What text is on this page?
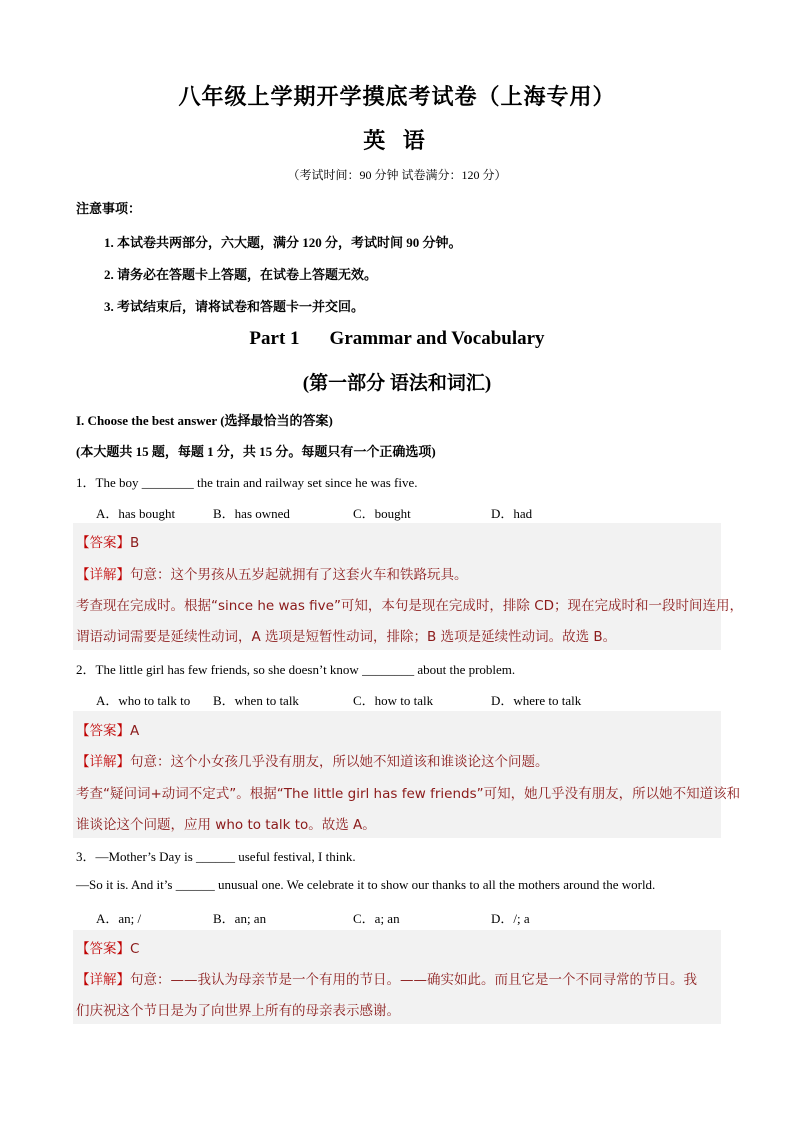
八年级上学期开学摸底考试卷（上海专用）
英 语
（考试时间：90 分钟 试卷满分：120 分）
注意事项：
1. 本试卷共两部分，六大题，满分 120 分，考试时间 90 分钟。
2. 请务必在答题卡上答题，在试卷上答题无效。
3. 考试结束后，请将试卷和答题卡一并交回。
Part 1 Grammar and Vocabulary
(第一部分 语法和词汇)
I. Choose the best answer (选择最恰当的答案)
(本大题共 15 题，每题 1 分，共 15 分。每题只有一个正确选项)
1．The boy ________ the train and railway set since he was five.
A．has bought	B．has owned	C．bought	D．had
【答案】B
【详解】句意：这个男孩从五岁起就拥有了这套火车和铁路玩具。
考查现在完成时。根据“since he was five”可知，本句是现在完成时，排除 CD；现在完成时和一段时间连用，
谓语动词需要是延续性动词，A 选项是短暂性动词，排除；B 选项是延续性动词。故选 B。
2．The little girl has few friends, so she doesn’t know ________ about the problem.
A．who to talk to B．when to talk	C．how to talk	D．where to talk
【答案】A
【详解】句意：这个小女孩几乎没有朋友，所以她不知道该和谁谈论这个问题。
考查“疑问词+动词不定式”。根据“The little girl has few friends”可知，她几乎没有朋友，所以她不知道该和
谁谈论这个问题，应用 who to talk to。故选 A。
3．—Mother’s Day is ______ useful festival, I think.
—So it is. And it’s ______ unusual one. We celebrate it to show our thanks to all the mothers around the world.
A．an; /	B．an; an	C．a; an	D．/; a
【答案】C
【详解】句意：——我认为母亲节是一个有用的节日。——确实如此。而且它是一个不同寻常的节日。我
们庆祝这个节日是为了向世界上所有的母亲表示感谢。
